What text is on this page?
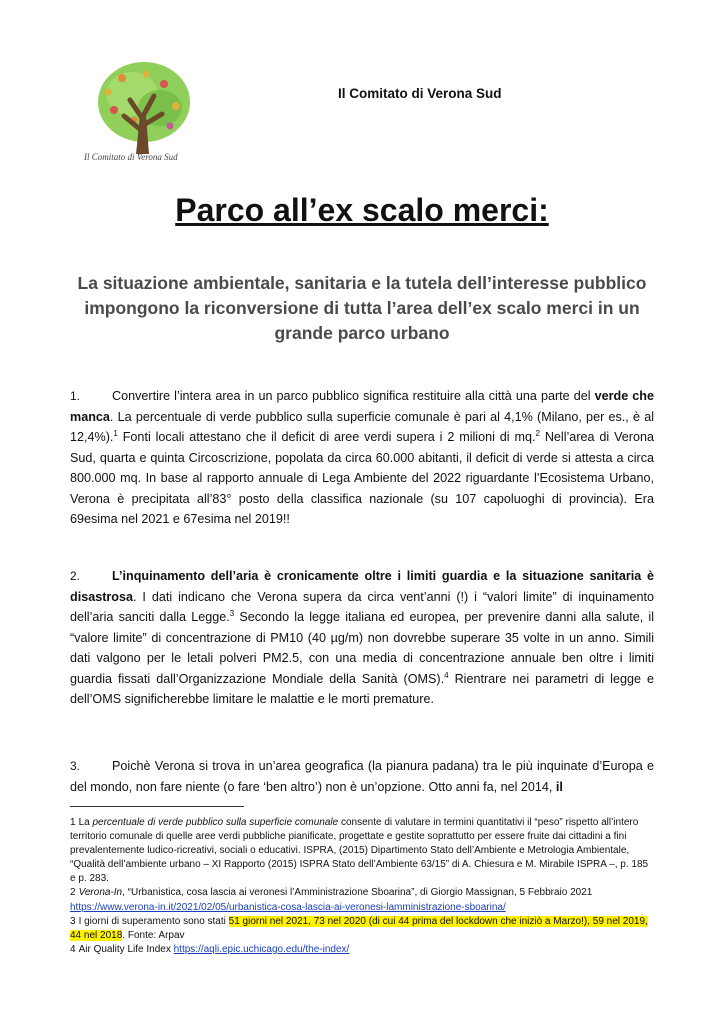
Il Comitato di Verona Sud
Il Comitato di Verona Sud
Parco all’ex scalo merci:
La situazione ambientale, sanitaria e la tutela dell’interesse pubblico impongono la riconversione di tutta l’area dell’ex scalo merci in un grande parco urbano
1.	Convertire l’intera area in un parco pubblico significa restituire alla città una parte del verde che manca. La percentuale di verde pubblico sulla superficie comunale è pari al 4,1% (Milano, per es., è al 12,4%).$^1$ Fonti locali attestano che il deficit di aree verdi supera i 2 milioni di mq.$^2$ Nell’area di Verona Sud, quarta e quinta Circoscrizione, popolata da circa 60.000 abitanti, il deficit di verde si attesta a circa 800.000 mq. In base al rapporto annuale di Lega Ambiente del 2022 riguardante l’Ecosistema Urbano, Verona è precipitata all’83° posto della classifica nazionale (su 107 capoluoghi di provincia). Era 69esima nel 2021 e 67esima nel 2019!!
2.	L’inquinamento dell’aria è cronicamente oltre i limiti guardia e la situazione sanitaria è disastrosa. I dati indicano che Verona supera da circa vent’anni (!) i “valori limite” di inquinamento dell’aria sanciti dalla Legge.$^3$ Secondo la legge italiana ed europea, per prevenire danni alla salute, il “valore limite” di concentrazione di PM10 (40 µg/m) non dovrebbe superare 35 volte in un anno. Simili dati valgono per le letali polveri PM2.5, con una media di concentrazione annuale ben oltre i limiti guardia fissati dall’Organizzazione Mondiale della Sanità (OMS).$^4$ Rientrare nei parametri di legge e dell’OMS significherebbe limitare le malattie e le morti premature.
3.	Poichè Verona si trova in un’area geografica (la pianura padana) tra le più inquinate d’Europa e del mondo, non fare niente (o fare ‘ben altro’) non è un’opzione. Otto anni fa, nel 2014, il

1 La percentuale di verde pubblico sulla superficie comunale consente di valutare in termini quantitativi il “peso” rispetto all’intero territorio comunale di quelle aree verdi pubbliche pianificate, progettate e gestite soprattutto per essere fruite dai cittadini a fini prevalentemente ludico-ricreativi, sociali o educativi. ISPRA, (2015) Dipartimento Stato dell’Ambiente e Metrologia Ambientale, “Qualità dell’ambiente urbano – XI Rapporto (2015) ISPRA Stato dell’Ambiente 63/15” di A. Chiesura e M. Mirabile ISPRA –, p. 185 e p. 283.

2 Verona-In, “Urbanistica, cosa lascia ai veronesi l’Amministrazione Sboarina”, di Giorgio Massignan, 5 Febbraio 2021 https://www.verona-in.it/2021/02/05/urbanistica-cosa-lascia-ai-veronesi-lamministrazione-sboarina/

3 I giorni di superamento sono stati 51 giorni nel 2021, 73 nel 2020 (di cui 44 prima del lockdown che iniziò a Marzo!), 59 nel 2019, 44 nel 2018. Fonte: Arpav

4 Air Quality Life Index https://aqli.epic.uchicago.edu/the-index/
